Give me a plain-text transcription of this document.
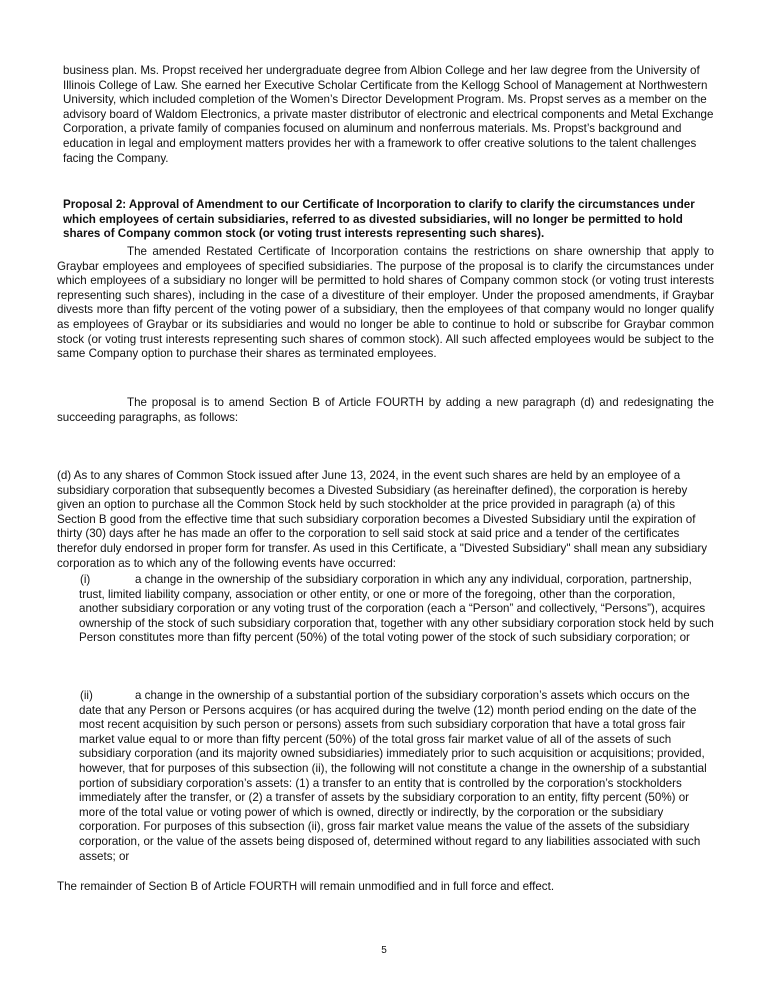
business plan. Ms. Propst received her undergraduate degree from Albion College and her law degree from the University of Illinois College of Law. She earned her Executive Scholar Certificate from the Kellogg School of Management at Northwestern University, which included completion of the Women’s Director Development Program. Ms. Propst serves as a member on the advisory board of Waldom Electronics, a private master distributor of electronic and electrical components and Metal Exchange Corporation, a private family of companies focused on aluminum and nonferrous materials. Ms. Propst’s background and education in legal and employment matters provides her with a framework to offer creative solutions to the talent challenges facing the Company.

Proposal 2: Approval of Amendment to our Certificate of Incorporation to clarify to clarify the circumstances under which employees of certain subsidiaries, referred to as divested subsidiaries, will no longer be permitted to hold shares of Company common stock (or voting trust interests representing such shares).

The amended Restated Certificate of Incorporation contains the restrictions on share ownership that apply to Graybar employees and employees of specified subsidiaries. The purpose of the proposal is to clarify the circumstances under which employees of a subsidiary no longer will be permitted to hold shares of Company common stock (or voting trust interests representing such shares), including in the case of a divestiture of their employer. Under the proposed amendments, if Graybar divests more than fifty percent of the voting power of a subsidiary, then the employees of that company would no longer qualify as employees of Graybar or its subsidiaries and would no longer be able to continue to hold or subscribe for Graybar common stock (or voting trust interests representing such shares of common stock). All such affected employees would be subject to the same Company option to purchase their shares as terminated employees.

The proposal is to amend Section B of Article FOURTH by adding a new paragraph (d) and redesignating the succeeding paragraphs, as follows:

(d) As to any shares of Common Stock issued after June 13, 2024, in the event such shares are held by an employee of a subsidiary corporation that subsequently becomes a Divested Subsidiary (as hereinafter defined), the corporation is hereby given an option to purchase all the Common Stock held by such stockholder at the price provided in paragraph (a) of this Section B good from the effective time that such subsidiary corporation becomes a Divested Subsidiary until the expiration of thirty (30) days after he has made an offer to the corporation to sell said stock at said price and a tender of the certificates therefor duly endorsed in proper form for transfer. As used in this Certificate, a "Divested Subsidiary" shall mean any subsidiary corporation as to which any of the following events have occurred:

(i)	a change in the ownership of the subsidiary corporation in which any any individual, corporation, partnership, trust, limited liability company, association or other entity, or one or more of the foregoing, other than the corporation, another subsidiary corporation or any voting trust of the corporation (each a “Person” and collectively, “Persons”), acquires ownership of the stock of such subsidiary corporation that, together with any other subsidiary corporation stock held by such Person constitutes more than fifty percent (50%) of the total voting power of the stock of such subsidiary corporation; or

(ii)	a change in the ownership of a substantial portion of the subsidiary corporation’s assets which occurs on the date that any Person or Persons acquires (or has acquired during the twelve (12) month period ending on the date of the most recent acquisition by such person or persons) assets from such subsidiary corporation that have a total gross fair market value equal to or more than fifty percent (50%) of the total gross fair market value of all of the assets of such subsidiary corporation (and its majority owned subsidiaries) immediately prior to such acquisition or acquisitions; provided, however, that for purposes of this subsection (ii), the following will not constitute a change in the ownership of a substantial portion of subsidiary corporation’s assets: (1) a transfer to an entity that is controlled by the corporation’s stockholders immediately after the transfer, or (2) a transfer of assets by the subsidiary corporation to an entity, fifty percent (50%) or more of the total value or voting power of which is owned, directly or indirectly, by the corporation or the subsidiary corporation. For purposes of this subsection (ii), gross fair market value means the value of the assets of the subsidiary corporation, or the value of the assets being disposed of, determined without regard to any liabilities associated with such assets; or

The remainder of Section B of Article FOURTH will remain unmodified and in full force and effect.

5
